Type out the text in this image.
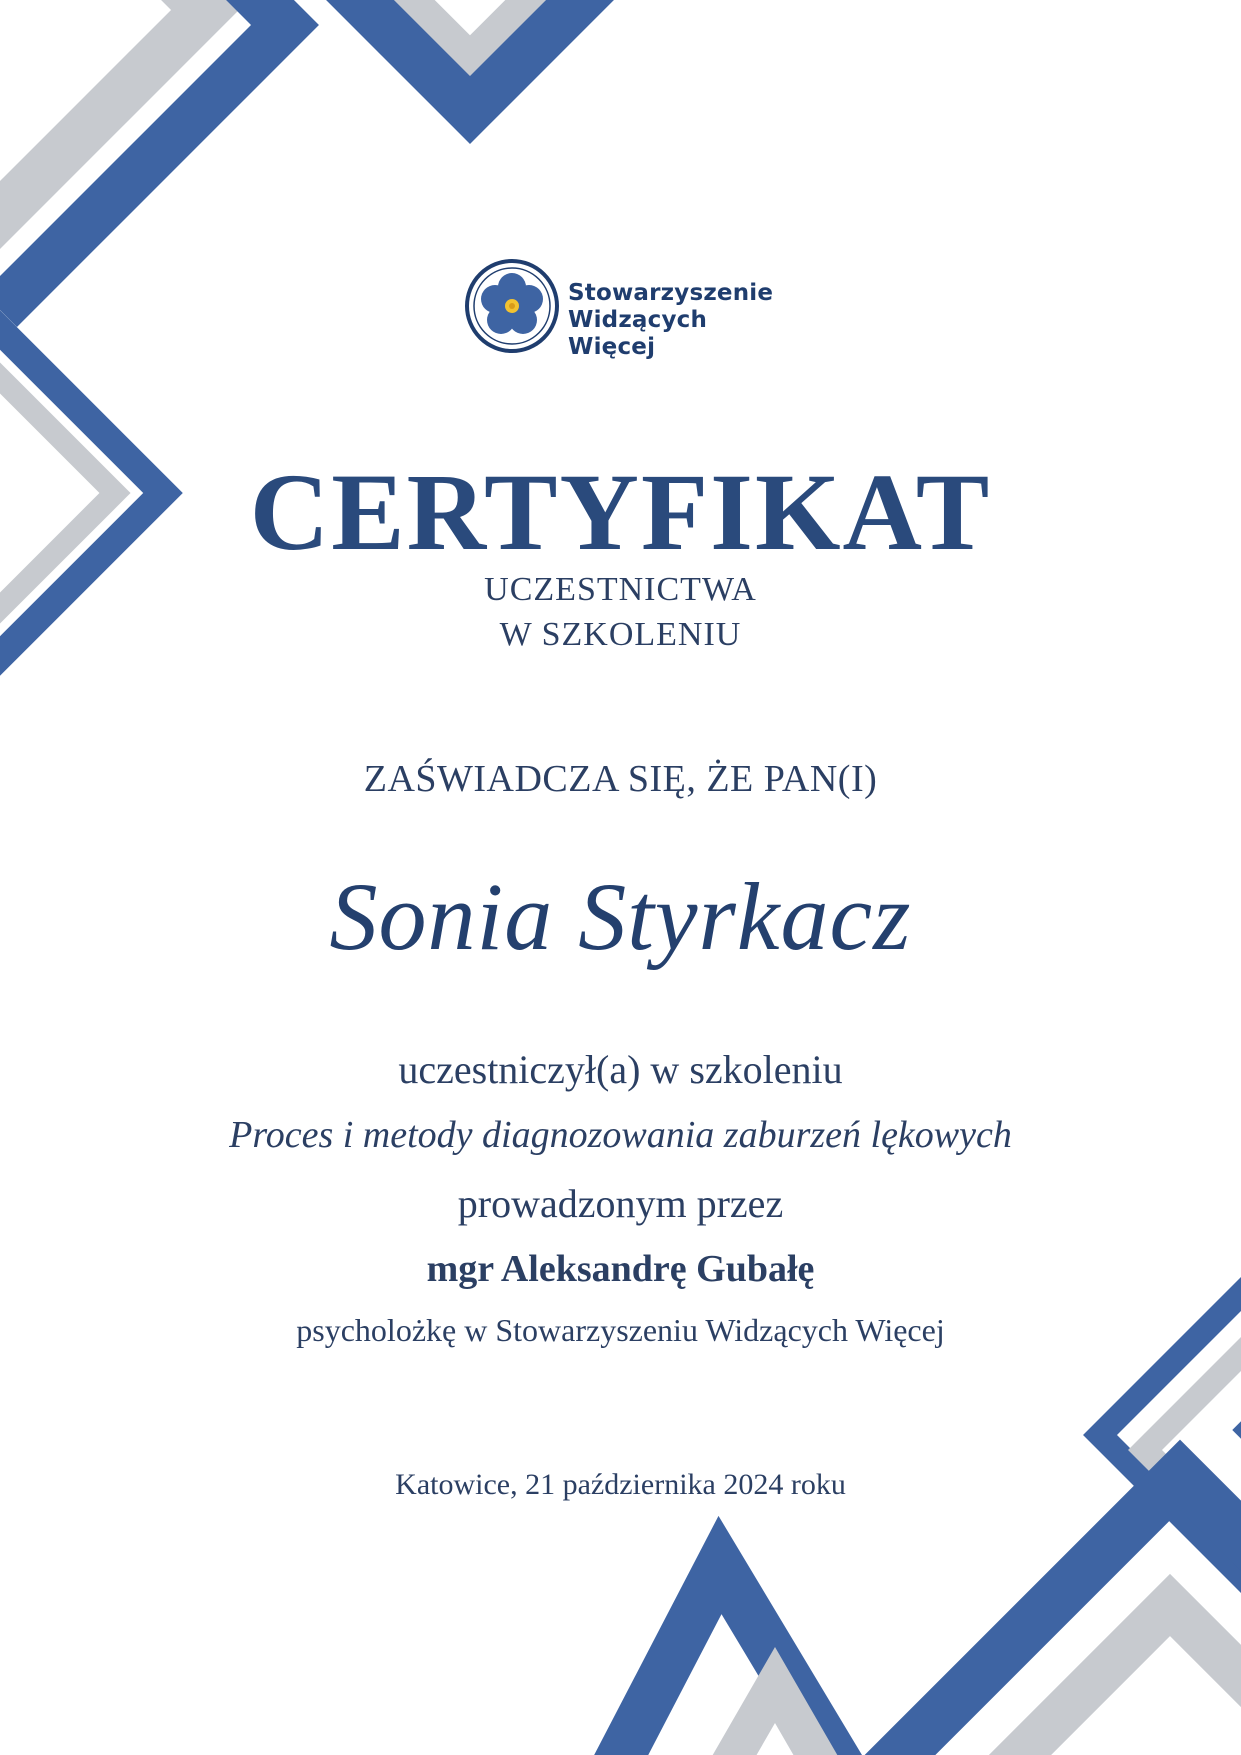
Stowarzyszenie
Widzących Więcej
CERTYFIKAT
UCZESTNICTWA
W SZKOLENIU
ZAŚWIADCZA SIĘ, ŻE PAN(I)
Sonia Styrkacz
uczestniczył(a) w szkoleniu
Proces i metody diagnozowania zaburzeń lękowych
prowadzonym przez
mgr Aleksandrę Gubałę
psycholożkę w Stowarzyszeniu Widzących Więcej
Katowice, 21 października 2024 roku
